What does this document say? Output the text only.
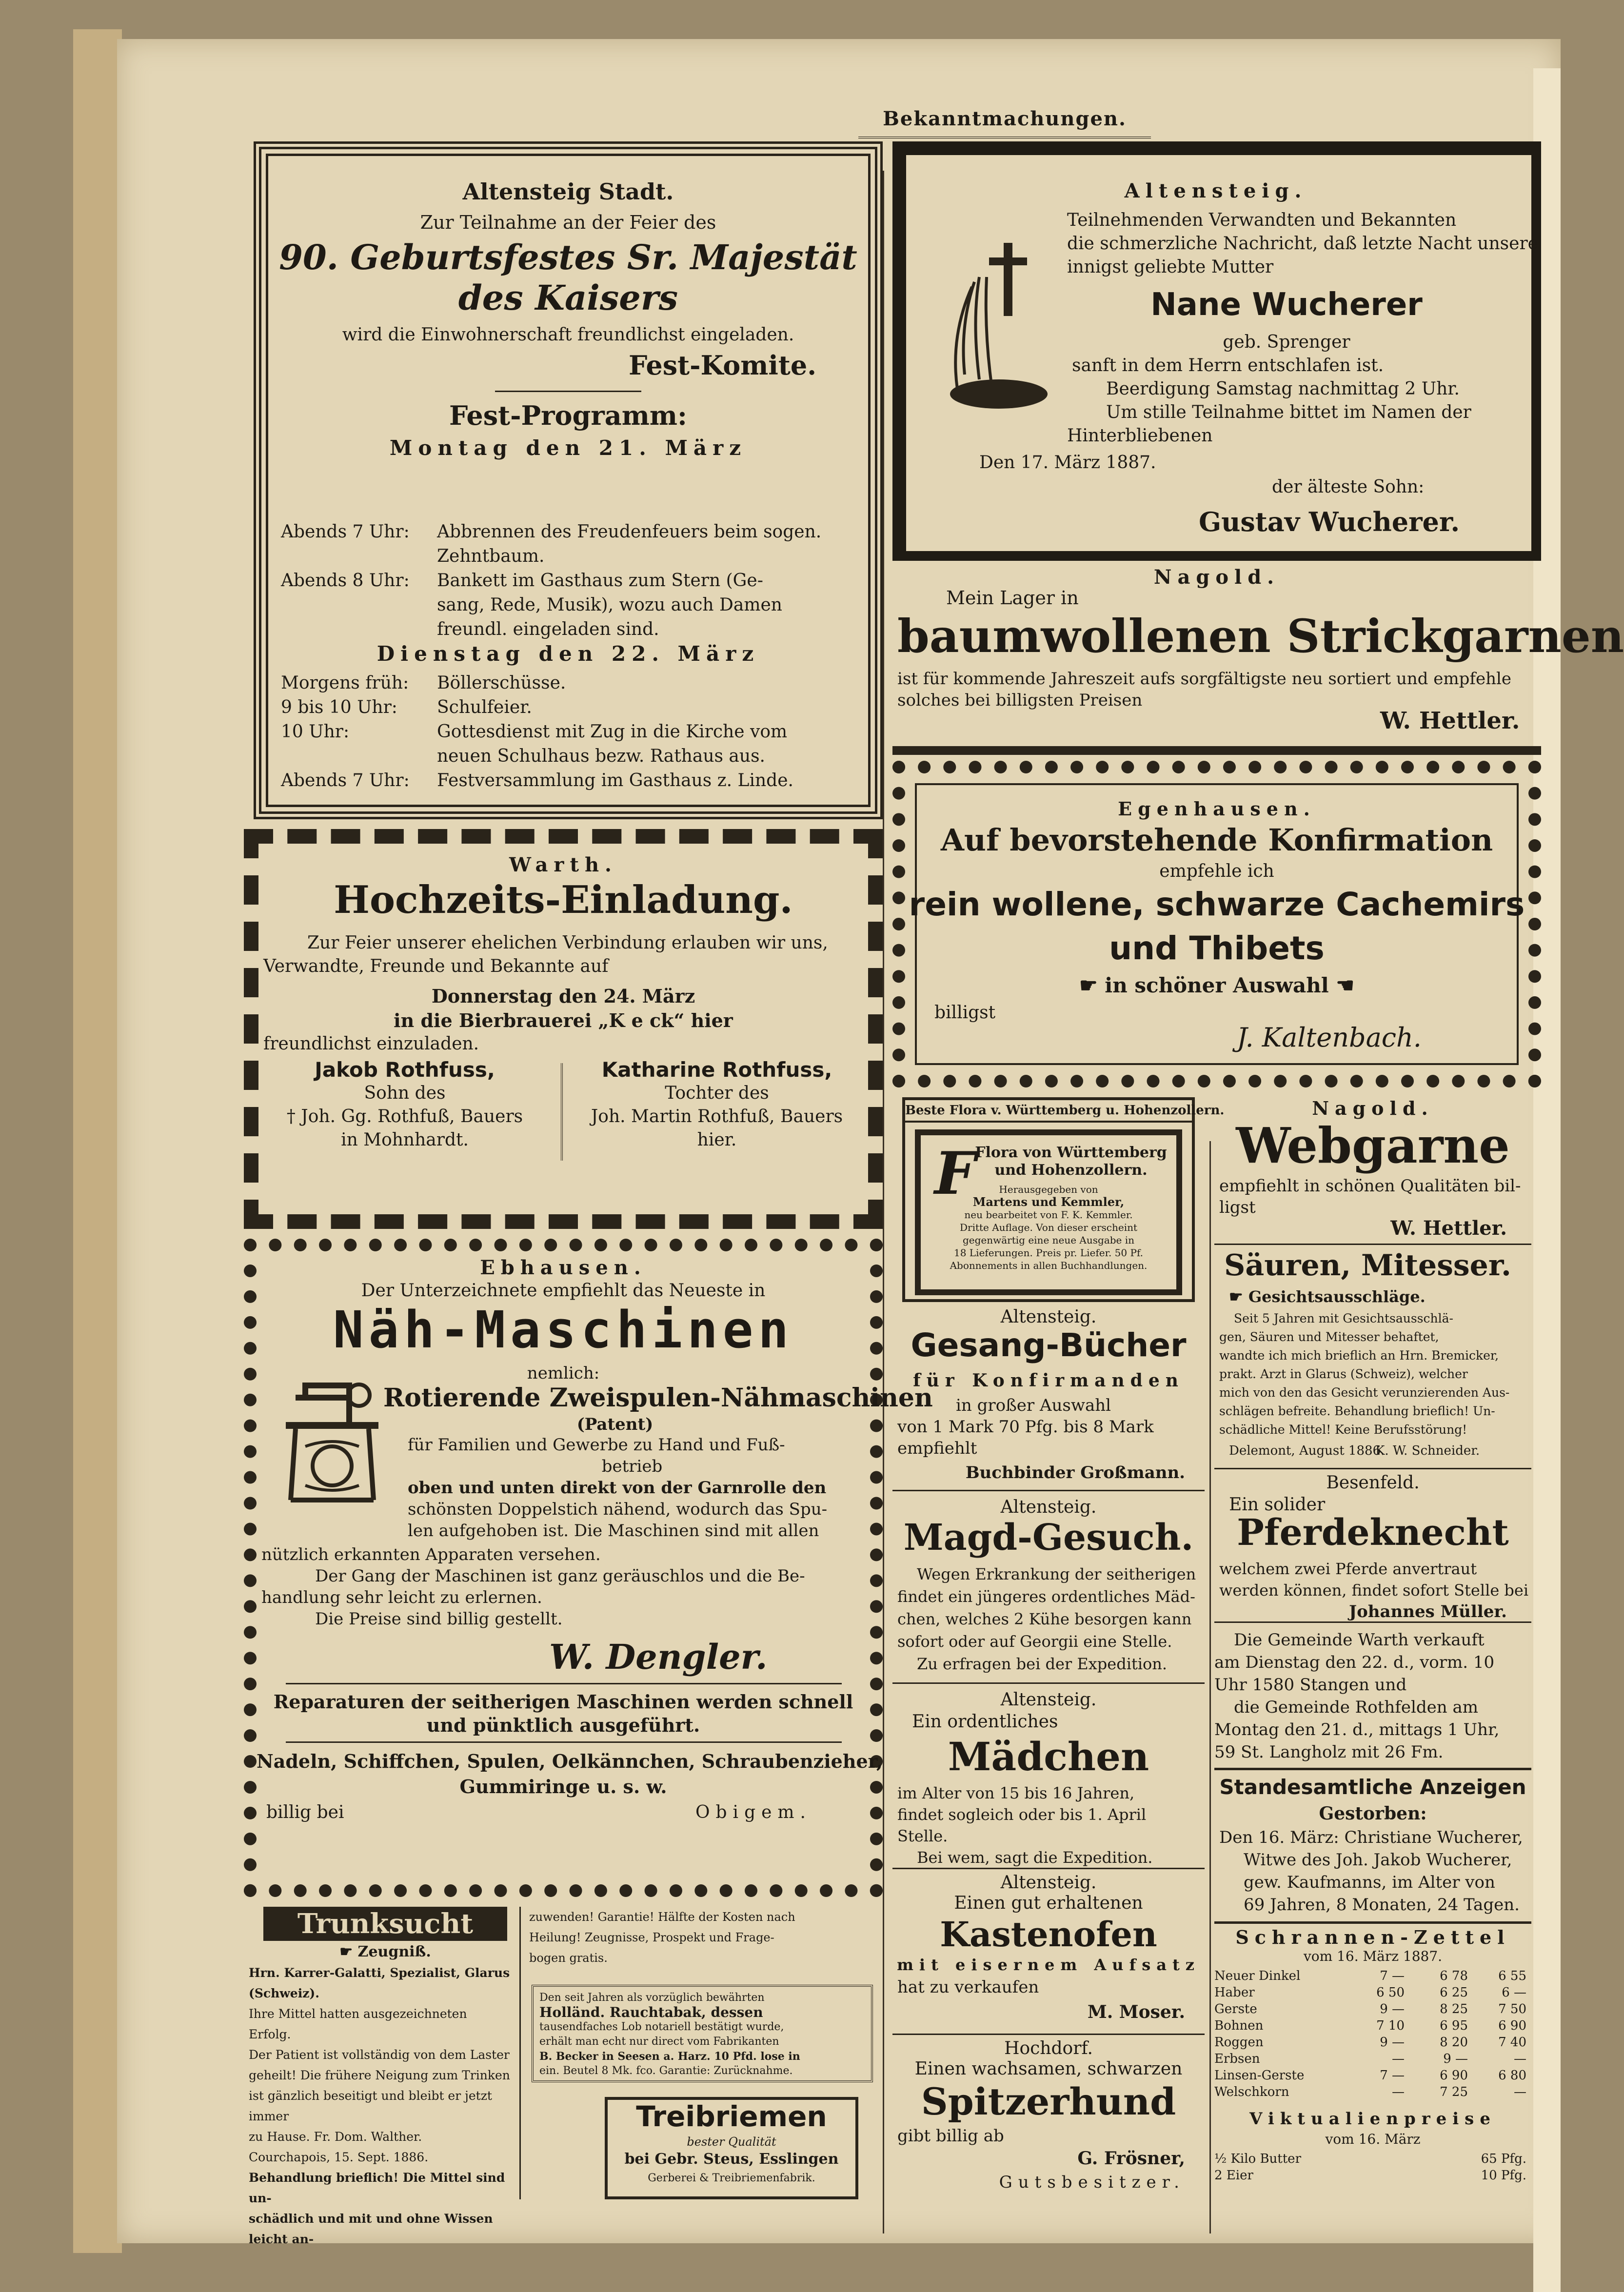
Bekanntmachungen.
Altensteig Stadt.
Zur Teilnahme an der Feier des
90. Geburtsfestes Sr. Majestät
des Kaisers
wird die Einwohnerschaft freundlichst eingeladen.
Fest-Komite.
Fest-Programm:
Montag den 21. März
Abends 7 Uhr:	Abbrennen des Freudenfeuers beim sogen.
Zehntbaum.
Abends 8 Uhr:	Bankett im Gasthaus zum Stern (Ge-
sang, Rede, Musik), wozu auch Damen
freundl. eingeladen sind.
Dienstag den 22. März
Morgens früh:	Böllerschüsse.
9 bis 10 Uhr:	Schulfeier.
10 Uhr:	Gottesdienst mit Zug in die Kirche vom
neuen Schulhaus bezw. Rathaus aus.
Abends 7 Uhr:	Festversammlung im Gasthaus z. Linde.
Altensteig.
Teilnehmenden Verwandten und Bekannten
die schmerzliche Nachricht, daß letzte Nacht unsere
innigst geliebte Mutter
Nane Wucherer
geb. Sprenger
sanft in dem Herrn entschlafen ist.
Beerdigung Samstag nachmittag 2 Uhr.
Um stille Teilnahme bittet im Namen der
Hinterbliebenen
Den 17. März 1887.
der älteste Sohn:
Gustav Wucherer.
Nagold.
Mein Lager in
baumwollenen Strickgarnen
ist für kommende Jahreszeit aufs sorgfältigste neu sortiert und empfehle
solches bei billigsten Preisen
W. Hettler.
Egenhausen.
Auf bevorstehende Konfirmation
empfehle ich
rein wollene, schwarze Cachemirs
und Thibets
☛ in schöner Auswahl ☚
billigst
J. Kaltenbach.
Warth.
Hochzeits-Einladung.
Zur Feier unserer ehelichen Verbindung erlauben wir uns,
Verwandte, Freunde und Bekannte auf
Donnerstag den 24. März
in die Bierbrauerei „K e ck“ hier
freundlichst einzuladen.
Jakob Rothfuss,
Sohn des
† Joh. Gg. Rothfuß, Bauers
in Mohnhardt.
Katharine Rothfuss,
Tochter des
Joh. Martin Rothfuß, Bauers
hier.
Beste Flora v. Württemberg u. Hohenzollern.
F
Flora von Württemberg
und Hohenzollern.
Herausgegeben von
Martens und Kemmler,
neu bearbeitet von F. K. Kemmler.
Dritte Auflage. Von dieser erscheint
gegenwärtig eine neue Ausgabe in
18 Lieferungen. Preis pr. Liefer. 50 Pf.
Abonnements in allen Buchhandlungen.
Nagold.
Webgarne
empfiehlt in schönen Qualitäten bil-
ligst
W. Hettler.
Säuren, Mitesser.
☛ Gesichtsausschläge.
Seit 5 Jahren mit Gesichtsausschlä-
gen, Säuren und Mitesser behaftet,
wandte ich mich brieflich an Hrn. Bremicker,
prakt. Arzt in Glarus (Schweiz), welcher
mich von den das Gesicht verunzierenden Aus-
schlägen befreite. Behandlung brieflich! Un-
schädliche Mittel! Keine Berufsstörung!
K. W. Schneider.
Delemont, August 1886.
Altensteig.
Gesang-Bücher
für Konfirmanden
in großer Auswahl
von 1 Mark 70 Pfg. bis 8 Mark
empfiehlt
Buchbinder Großmann.	Besenfeld.
Ein solider
Pferdeknecht
welchem zwei Pferde anvertraut
werden können, findet sofort Stelle bei
Johannes Müller.
Die Gemeinde Warth verkauft
am Dienstag den 22. d., vorm. 10
Uhr 1580 Stangen und
die Gemeinde Rothfelden am
Montag den 21. d., mittags 1 Uhr,
59 St. Langholz mit 26 Fm.
Altensteig.
Magd-Gesuch.
Wegen Erkrankung der seitherigen
findet ein jüngeres ordentliches Mäd-
chen, welches 2 Kühe besorgen kann
sofort oder auf Georgii eine Stelle.
Zu erfragen bei der Expedition.
Standesamtliche Anzeigen
Gestorben:
Den 16. März: Christiane Wucherer,
Witwe des Joh. Jakob Wucherer,
gew. Kaufmanns, im Alter von
69 Jahren, 8 Monaten, 24 Tagen.
Altensteig.
Ein ordentliches
Mädchen
im Alter von 15 bis 16 Jahren,
findet sogleich oder bis 1. April
Stelle.
Bei wem, sagt die Expedition.
Schrannen-Zettel
vom 16. März 1887.
Neuer Dinkel	7 —	6 78	6 55
Haber	6 50	6 25	6 —
Gerste	9 —	8 25	7 50
Bohnen	7 10	6 95	6 90
Roggen	9 —	8 20	7 40
Erbsen	—	9 —	—
Linsen-Gerste	7 —	6 90	6 80
Welschkorn	—	7 25	—
Viktualienpreise
vom 16. März
½ Kilo Butter	65 Pfg.
2 Eier	10 Pfg.
Altensteig.
Einen gut erhaltenen
Kastenofen
mit eisernem Aufsatz
hat zu verkaufen
M. Moser.
Hochdorf.
Einen wachsamen, schwarzen
Spitzerhund
gibt billig ab
G. Frösner,
Gutsbesitzer.
Ebhausen.
Der Unterzeichnete empfiehlt das Neueste in
Näh-Maschinen
nemlich:
Rotierende Zweispulen-Nähmaschinen
(Patent)
für Familien und Gewerbe zu Hand und Fuß-
betrieb
oben und unten direkt von der Garnrolle den
schönsten Doppelstich nähend, wodurch das Spu-
len aufgehoben ist. Die Maschinen sind mit allen
nützlich erkannten Apparaten versehen.
Der Gang der Maschinen ist ganz geräuschlos und die Be-
handlung sehr leicht zu erlernen.
Die Preise sind billig gestellt.
W. Dengler.
Reparaturen der seitherigen Maschinen werden schnell
und pünktlich ausgeführt.
Nadeln, Schiffchen, Spulen, Oelkännchen, Schraubenzieher,
Gummiringe u. s. w.
billig bei	Obigem.
Trunksucht
☛ Zeugniß.
Hrn. Karrer-Galatti, Spezialist, Glarus
(Schweiz).
Ihre Mittel hatten ausgezeichneten Erfolg.
Der Patient ist vollständig von dem Laster
geheilt! Die frühere Neigung zum Trinken
ist gänzlich beseitigt und bleibt er jetzt immer
zu Hause. Fr. Dom. Walther.
Courchapois, 15. Sept. 1886.
Behandlung brieflich! Die Mittel sind un-
schädlich und mit und ohne Wissen leicht an-
zuwenden! Garantie! Hälfte der Kosten nach
Heilung! Zeugnisse, Prospekt und Frage-
bogen gratis.
Den seit Jahren als vorzüglich bewährten
Holländ. Rauchtabak, dessen
tausendfaches Lob notariell bestätigt wurde,
erhält man echt nur direct vom Fabrikanten
B. Becker in Seesen a. Harz. 10 Pfd. lose in
ein. Beutel 8 Mk. fco. Garantie: Zurücknahme.
Treibriemen
bester Qualität
bei Gebr. Steus, Esslingen
Gerberei & Treibriemenfabrik.
